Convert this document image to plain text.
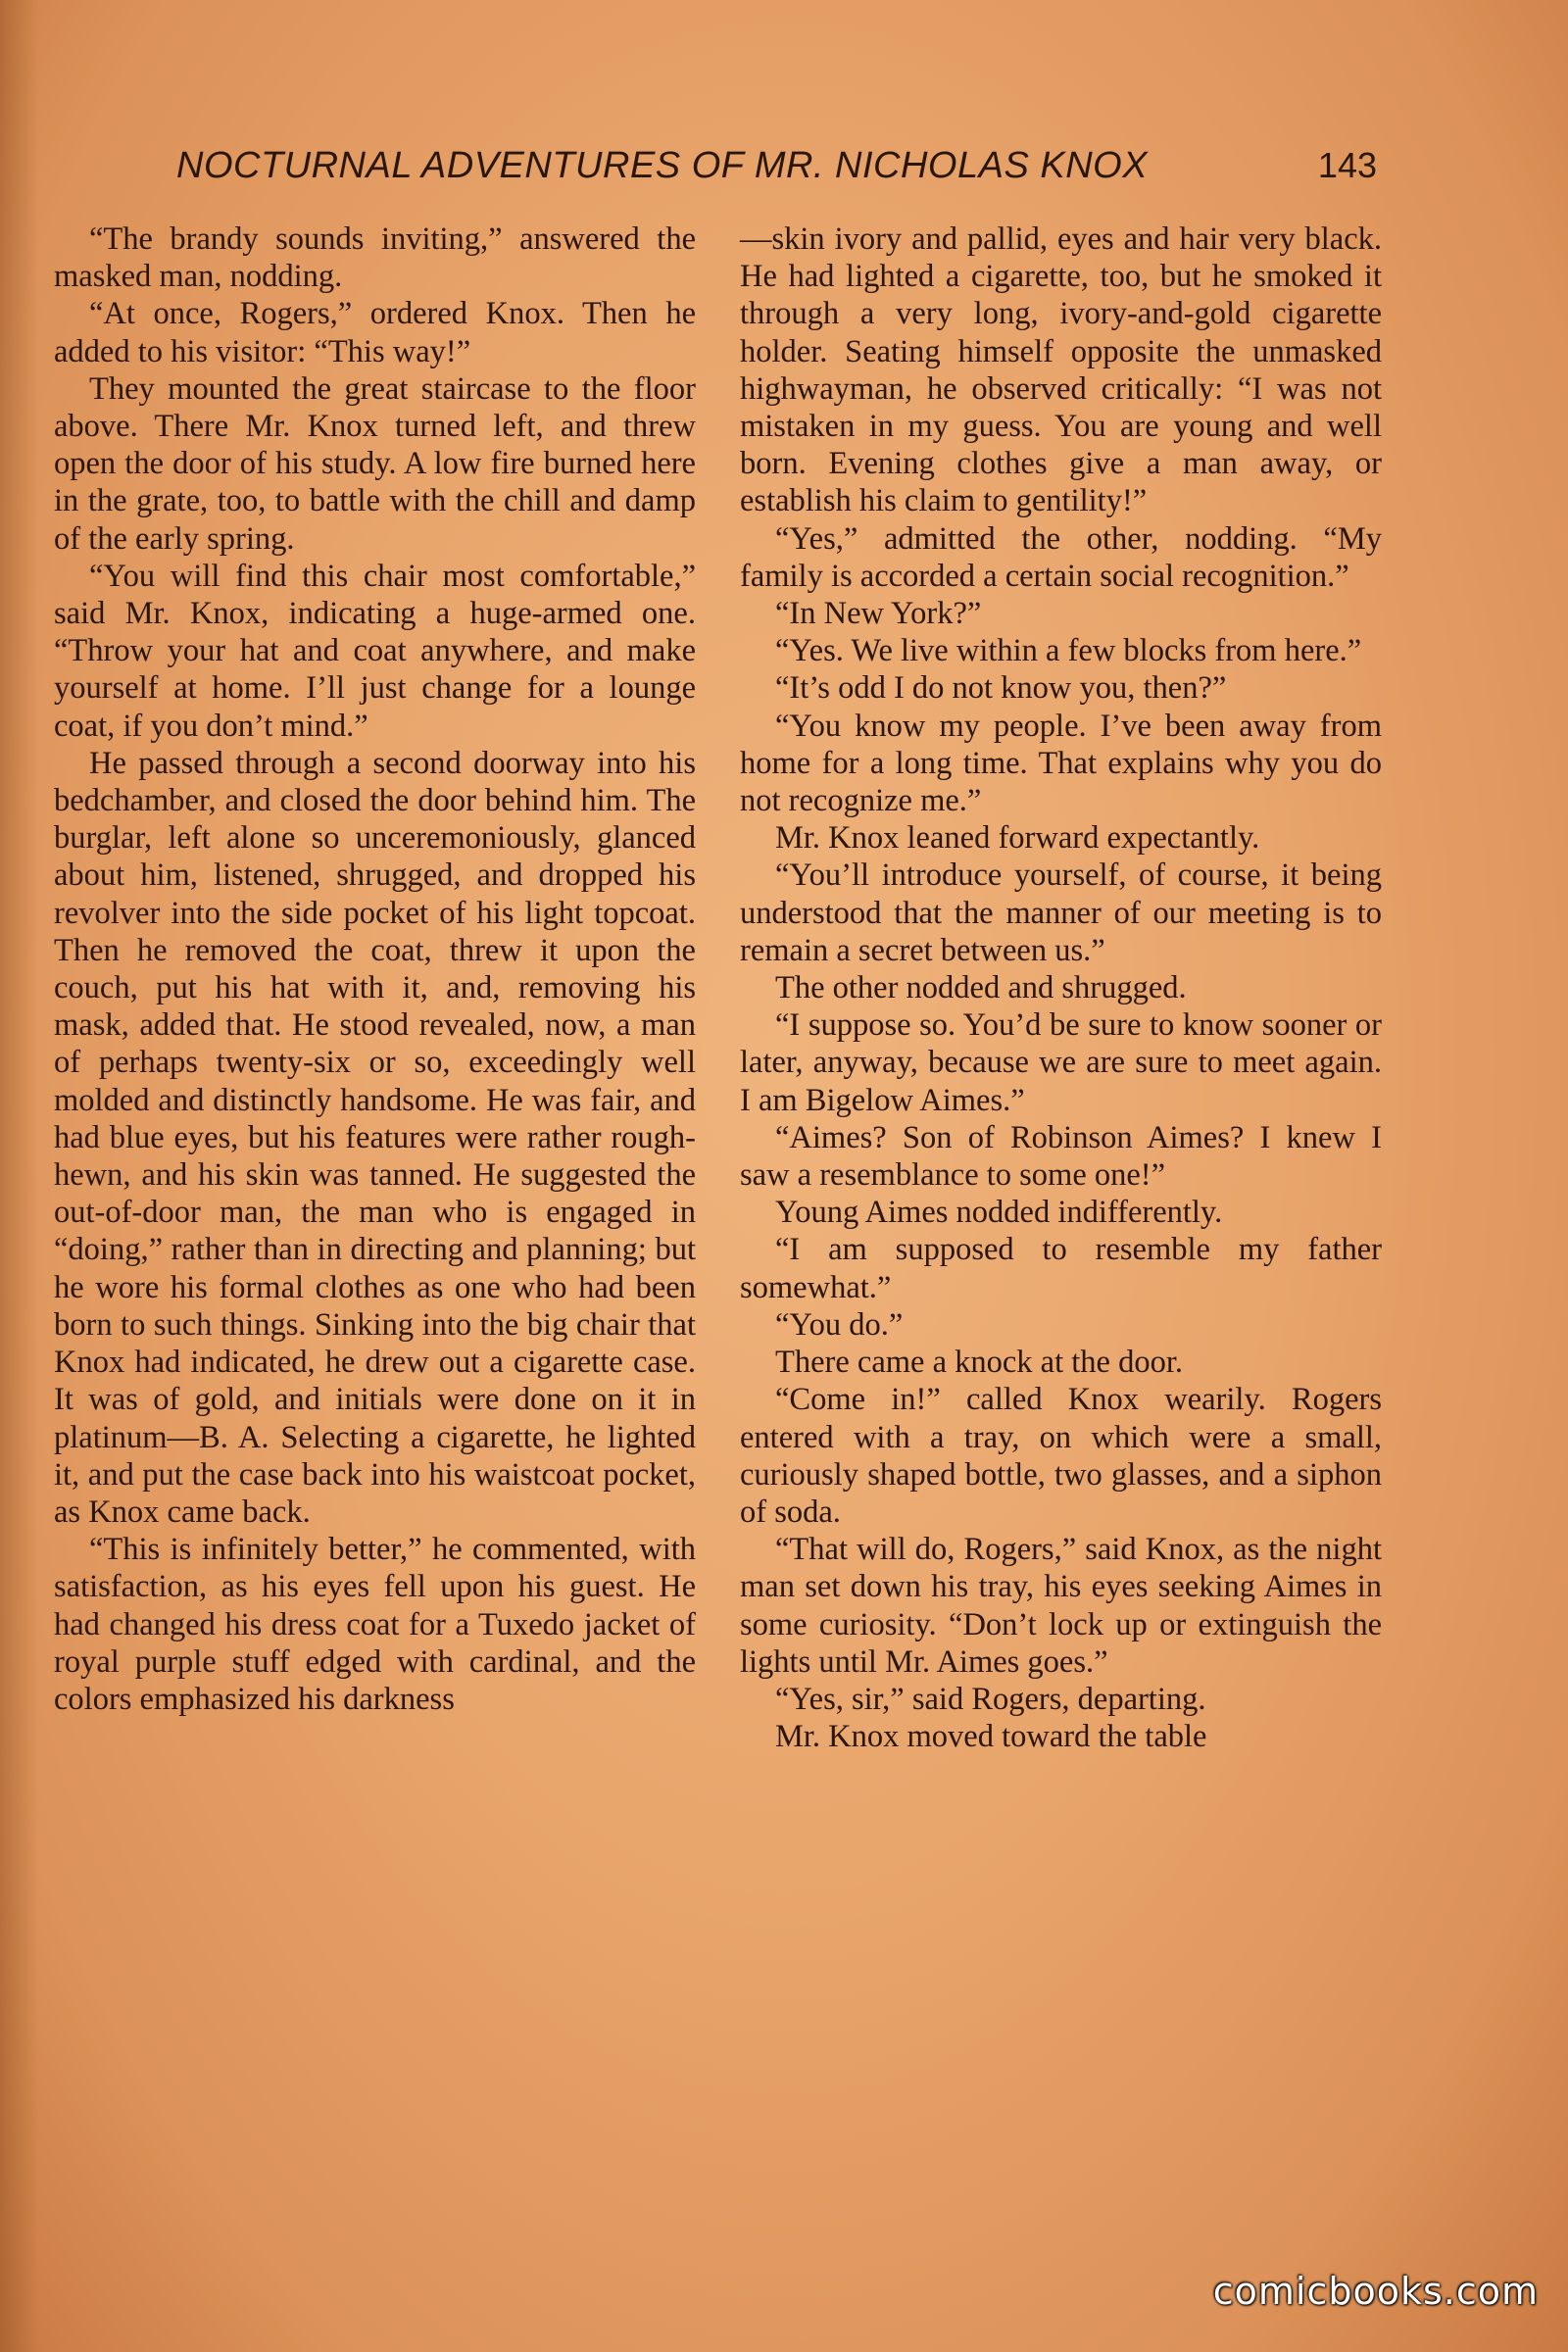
NOCTURNAL ADVENTURES OF MR. NICHOLAS KNOX	143

“The brandy sounds inviting,” answered the masked man, nodding.

“At once, Rogers,” ordered Knox. Then he added to his visitor: “This way!”

They mounted the great staircase to the floor above. There Mr. Knox turned left, and threw open the door of his study. A low fire burned here in the grate, too, to battle with the chill and damp of the early spring.

“You will find this chair most comfortable,” said Mr. Knox, indicating a huge-armed one. “Throw your hat and coat anywhere, and make yourself at home. I’ll just change for a lounge coat, if you don’t mind.”

He passed through a second doorway into his bedchamber, and closed the door behind him. The burglar, left alone so unceremoniously, glanced about him, listened, shrugged, and dropped his revolver into the side pocket of his light topcoat. Then he removed the coat, threw it upon the couch, put his hat with it, and, removing his mask, added that. He stood revealed, now, a man of perhaps twenty-six or so, exceedingly well molded and distinctly handsome. He was fair, and had blue eyes, but his features were rather rough-hewn, and his skin was tanned. He suggested the out-of-door man, the man who is engaged in “doing,” rather than in directing and planning; but he wore his formal clothes as one who had been born to such things. Sinking into the big chair that Knox had indicated, he drew out a cigarette case. It was of gold, and initials were done on it in platinum—B. A. Selecting a cigarette, he lighted it, and put the case back into his waistcoat pocket, as Knox came back.

“This is infinitely better,” he commented, with satisfaction, as his eyes fell upon his guest. He had changed his dress coat for a Tuxedo jacket of royal purple stuff edged with cardinal, and the colors emphasized his darkness

—skin ivory and pallid, eyes and hair very black. He had lighted a cigarette, too, but he smoked it through a very long, ivory-and-gold cigarette holder. Seating himself opposite the unmasked highwayman, he observed critically: “I was not mistaken in my guess. You are young and well born. Evening clothes give a man away, or establish his claim to gentility!”

“Yes,” admitted the other, nodding. “My family is accorded a certain social recognition.”

“In New York?”

“Yes. We live within a few blocks from here.”

“It’s odd I do not know you, then?”

“You know my people. I’ve been away from home for a long time. That explains why you do not recognize me.”

Mr. Knox leaned forward expectantly.

“You’ll introduce yourself, of course, it being understood that the manner of our meeting is to remain a secret between us.”

The other nodded and shrugged.

“I suppose so. You’d be sure to know sooner or later, anyway, because we are sure to meet again. I am Bigelow Aimes.”

“Aimes? Son of Robinson Aimes? I knew I saw a resemblance to some one!”

Young Aimes nodded indifferently.

“I am supposed to resemble my father somewhat.”

“You do.”

There came a knock at the door.

“Come in!” called Knox wearily. Rogers entered with a tray, on which were a small, curiously shaped bottle, two glasses, and a siphon of soda.

“That will do, Rogers,” said Knox, as the night man set down his tray, his eyes seeking Aimes in some curiosity. “Don’t lock up or extinguish the lights until Mr. Aimes goes.”

“Yes, sir,” said Rogers, departing.

Mr. Knox moved toward the table

comicbooks.com
